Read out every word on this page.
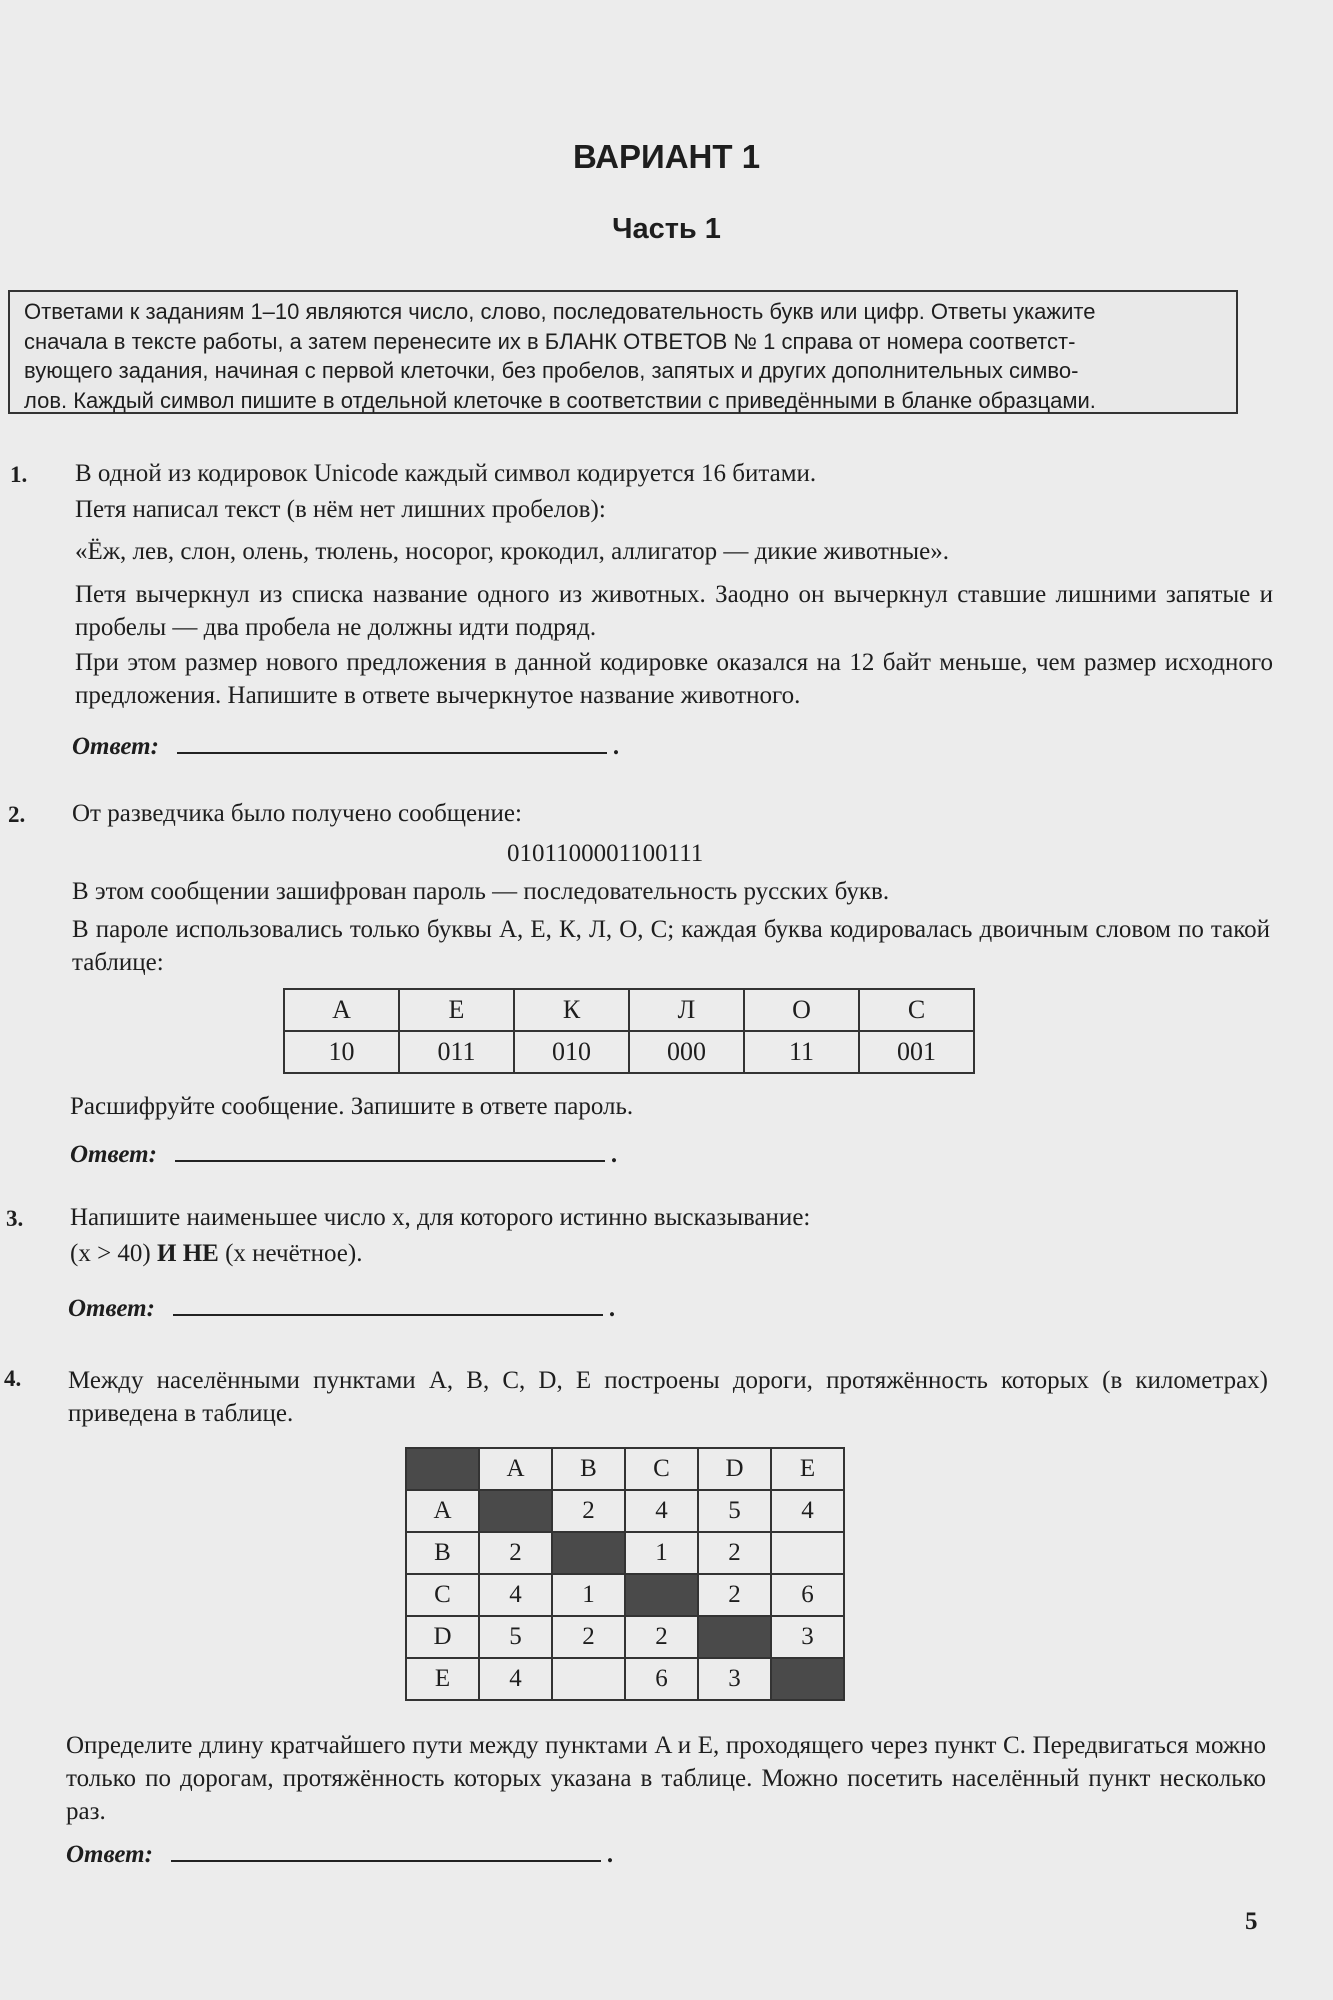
ВАРИАНТ 1
Часть 1
Ответами к заданиям 1–10 являются число, слово, последовательность букв или цифр. Ответы укажите
сначала в тексте работы, а затем перенесите их в БЛАНК ОТВЕТОВ № 1 справа от номера соответст-
вующего задания, начиная с первой клеточки, без пробелов, запятых и других дополнительных симво-
лов. Каждый символ пишите в отдельной клеточке в соответствии с приведёнными в бланке образцами.
1. В одной из кодировок Unicode каждый символ кодируется 16 битами.
Петя написал текст (в нём нет лишних пробелов):
«Ёж, лев, слон, олень, тюлень, носорог, крокодил, аллигатор — дикие животные».
Петя вычеркнул из списка название одного из животных. Заодно он вычеркнул ставшие лишними запятые и пробелы — два пробела не должны идти подряд.
При этом размер нового предложения в данной кодировке оказался на 12 байт меньше, чем размер исходного предложения. Напишите в ответе вычеркнутое название животного.
Ответ:	.
2. От разведчика было получено сообщение:
0101100001100111
В этом сообщении зашифрован пароль — последовательность русских букв.
В пароле использовались только буквы А, Е, К, Л, О, С; каждая буква кодировалась двоичным словом по такой таблице:
А	Е	К	Л	О	С
10	011	010	000	11	001
Расшифруйте сообщение. Запишите в ответе пароль.
Ответ:	.
3. Напишите наименьшее число x, для которого истинно высказывание:
(x > 40) И НЕ (x нечётное).
Ответ:	.
4. Между населёнными пунктами A, B, C, D, E построены дороги, протяжённость которых (в километрах) приведена в таблице.
	A	B	C	D	E
A		2	4	5	4
B	2		1	2	
C	4	1		2	6
D	5	2	2		3
E	4		6	3	
Определите длину кратчайшего пути между пунктами A и E, проходящего через пункт C. Передвигаться можно только по дорогам, протяжённость которых указана в таблице. Можно посетить населённый пункт несколько раз.
Ответ:	.
5
